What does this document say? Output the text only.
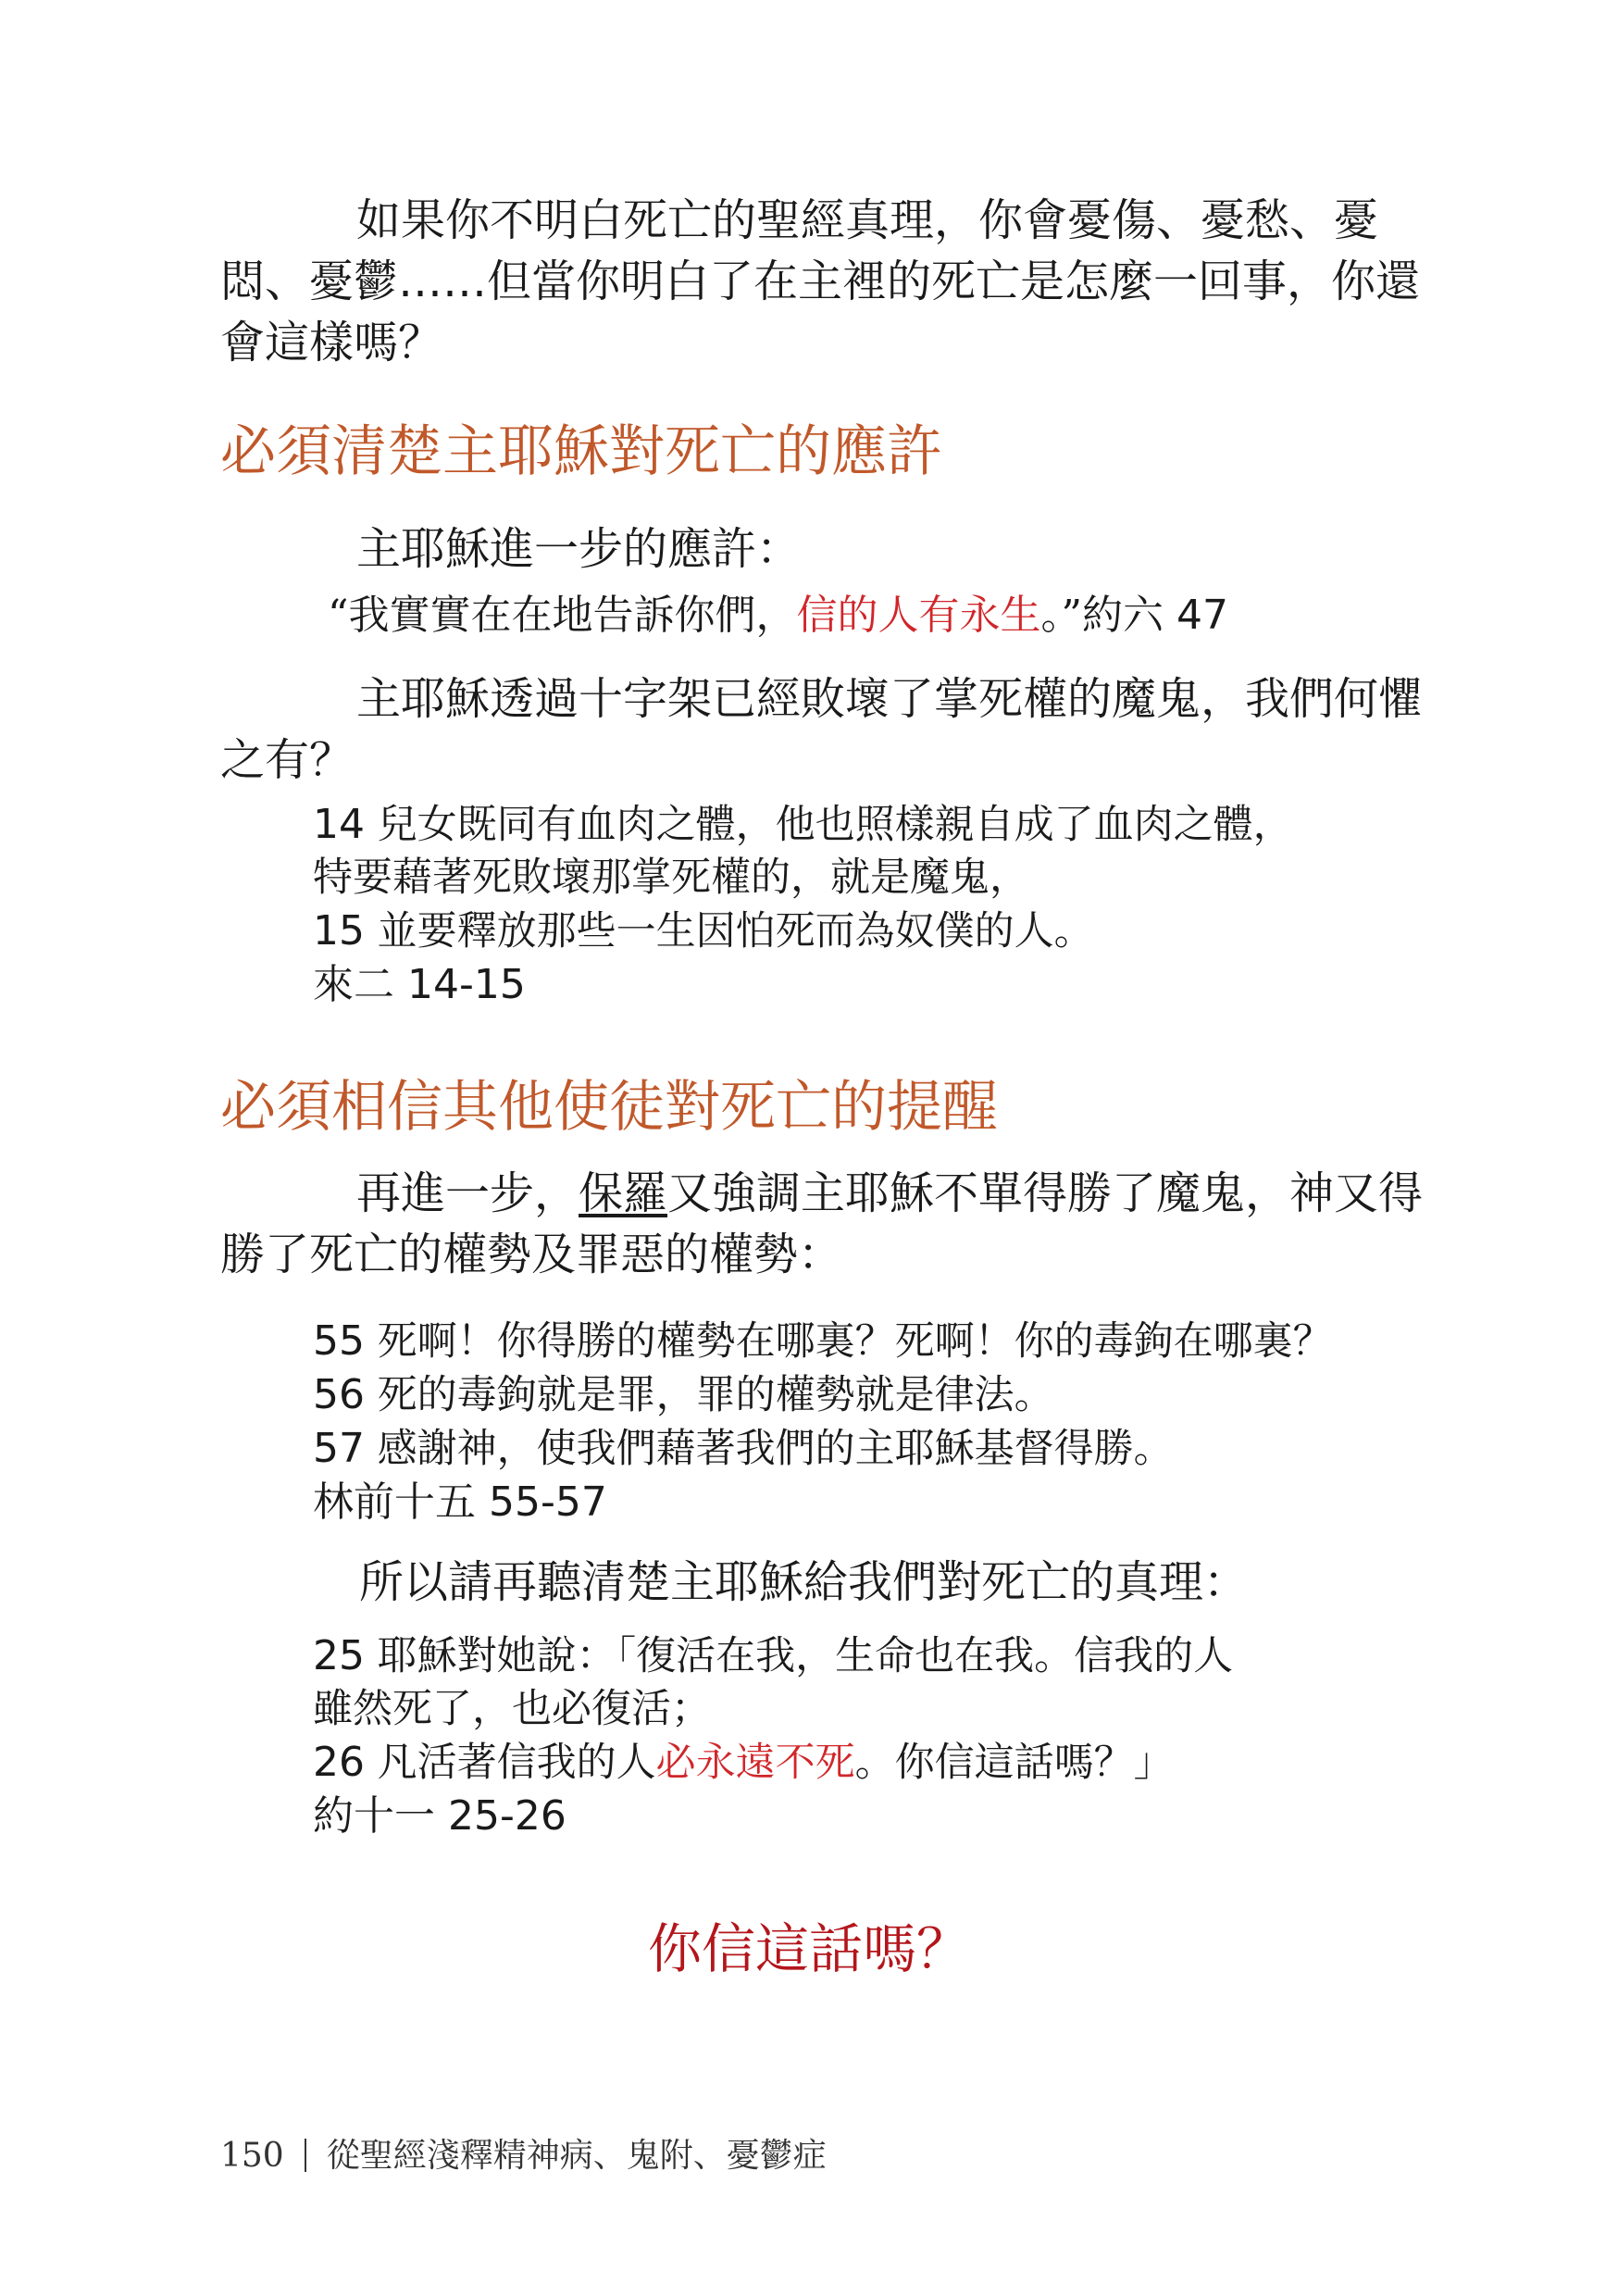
如果你不明白死亡的聖經真理，你會憂傷、憂愁、憂悶、憂鬱……但當你明白了在主裡的死亡是怎麼一回事，你還會這樣嗎？

必須清楚主耶穌對死亡的應許

主耶穌進一步的應許：

“我實實在在地告訴你們，信的人有永生。”約六 47

主耶穌透過十字架已經敗壞了掌死權的魔鬼，我們何懼之有？

14 兒女既同有血肉之體，他也照樣親自成了血肉之體，
特要藉著死敗壞那掌死權的，就是魔鬼，
15 並要釋放那些一生因怕死而為奴僕的人。
來二 14-15
必須相信其他使徒對死亡的提醒

再進一步，保羅又強調主耶穌不單得勝了魔鬼，神又得勝了死亡的權勢及罪惡的權勢：

55 死啊！你得勝的權勢在哪裏？死啊！你的毒鉤在哪裏？
56 死的毒鉤就是罪，罪的權勢就是律法。
57 感謝神，使我們藉著我們的主耶穌基督得勝。
林前十五 55-57

所以請再聽清楚主耶穌給我們對死亡的真理：

25 耶穌對她說：「復活在我，生命也在我。信我的人
雖然死了，也必復活；
26 凡活著信我的人必永遠不死。你信這話嗎？」
約十一 25-26

你信這話嗎？

150 從聖經淺釋精神病、鬼附、憂鬱症
